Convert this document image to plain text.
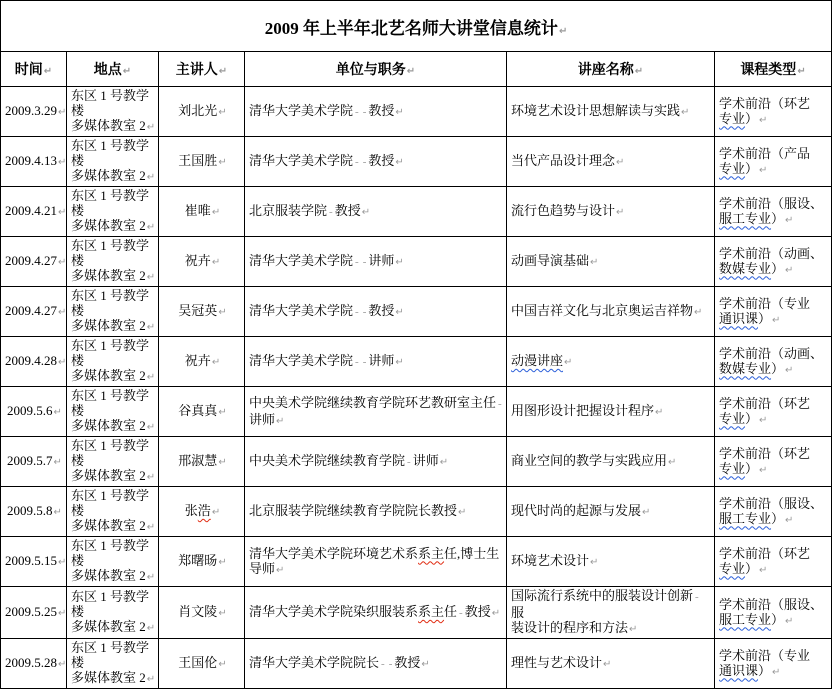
2009 年上半年北艺名师大讲堂信息统计↵					
时间↵	地点↵	主讲人↵	单位与职务↵	讲座名称↵	课程类型↵
2009.3.29↵	东区 1 号教学楼
多媒体教室 2↵	刘北光↵	清华大学美术学院 - - 教授↵	环境艺术设计思想解读与实践↵	学术前沿（环艺
专业）↵
2009.4.13↵	东区 1 号教学楼
多媒体教室 2↵	王国胜↵	清华大学美术学院 - - 教授↵	当代产品设计理念↵	学术前沿（产品
专业）↵
2009.4.21↵	东区 1 号教学楼
多媒体教室 2↵	崔唯↵	北京服装学院 - 教授↵	流行色趋势与设计↵	学术前沿（服设、
服工专业）↵
2009.4.27↵	东区 1 号教学楼
多媒体教室 2↵	祝卉↵	清华大学美术学院 - - 讲师↵	动画导演基础↵	学术前沿（动画、
数媒专业）↵
2009.4.27↵	东区 1 号教学楼
多媒体教室 2↵	吴冠英↵	清华大学美术学院 - - 教授↵	中国吉祥文化与北京奥运吉祥物↵	学术前沿（专业
通识课）↵
2009.4.28↵	东区 1 号教学楼
多媒体教室 2↵	祝卉↵	清华大学美术学院 - - 讲师↵	动漫讲座↵	学术前沿（动画、
数媒专业）↵
2009.5.6↵	东区 1 号教学楼
多媒体教室 2↵	谷真真↵	中央美术学院继续教育学院环艺教研室主任 -
讲师↵	用图形设计把握设计程序↵	学术前沿（环艺
专业）↵
2009.5.7↵	东区 1 号教学楼
多媒体教室 2↵	邢淑慧↵	中央美术学院继续教育学院 - 讲师↵	商业空间的教学与实践应用↵	学术前沿（环艺
专业）↵
2009.5.8↵	东区 1 号教学楼
多媒体教室 2↵	张浩↵	北京服装学院继续教育学院院长教授↵	现代时尚的起源与发展↵	学术前沿（服设、
服工专业）↵
2009.5.15↵	东区 1 号教学楼
多媒体教室 2↵	郑曙旸↵	清华大学美术学院环境艺术系系主任,博士生
导师↵	环境艺术设计↵	学术前沿（环艺
专业）↵
2009.5.25↵	东区 1 号教学楼
多媒体教室 2↵	肖文陵↵	清华大学美术学院染织服装系系主任 - 教授↵	国际流行系统中的服装设计创新 -服
装设计的程序和方法↵	学术前沿（服设、
服工专业）↵
2009.5.28↵	东区 1 号教学楼
多媒体教室 2↵	王国伦↵	清华大学美术学院院长 - - 教授↵	理性与艺术设计↵	学术前沿（专业
通识课）↵
